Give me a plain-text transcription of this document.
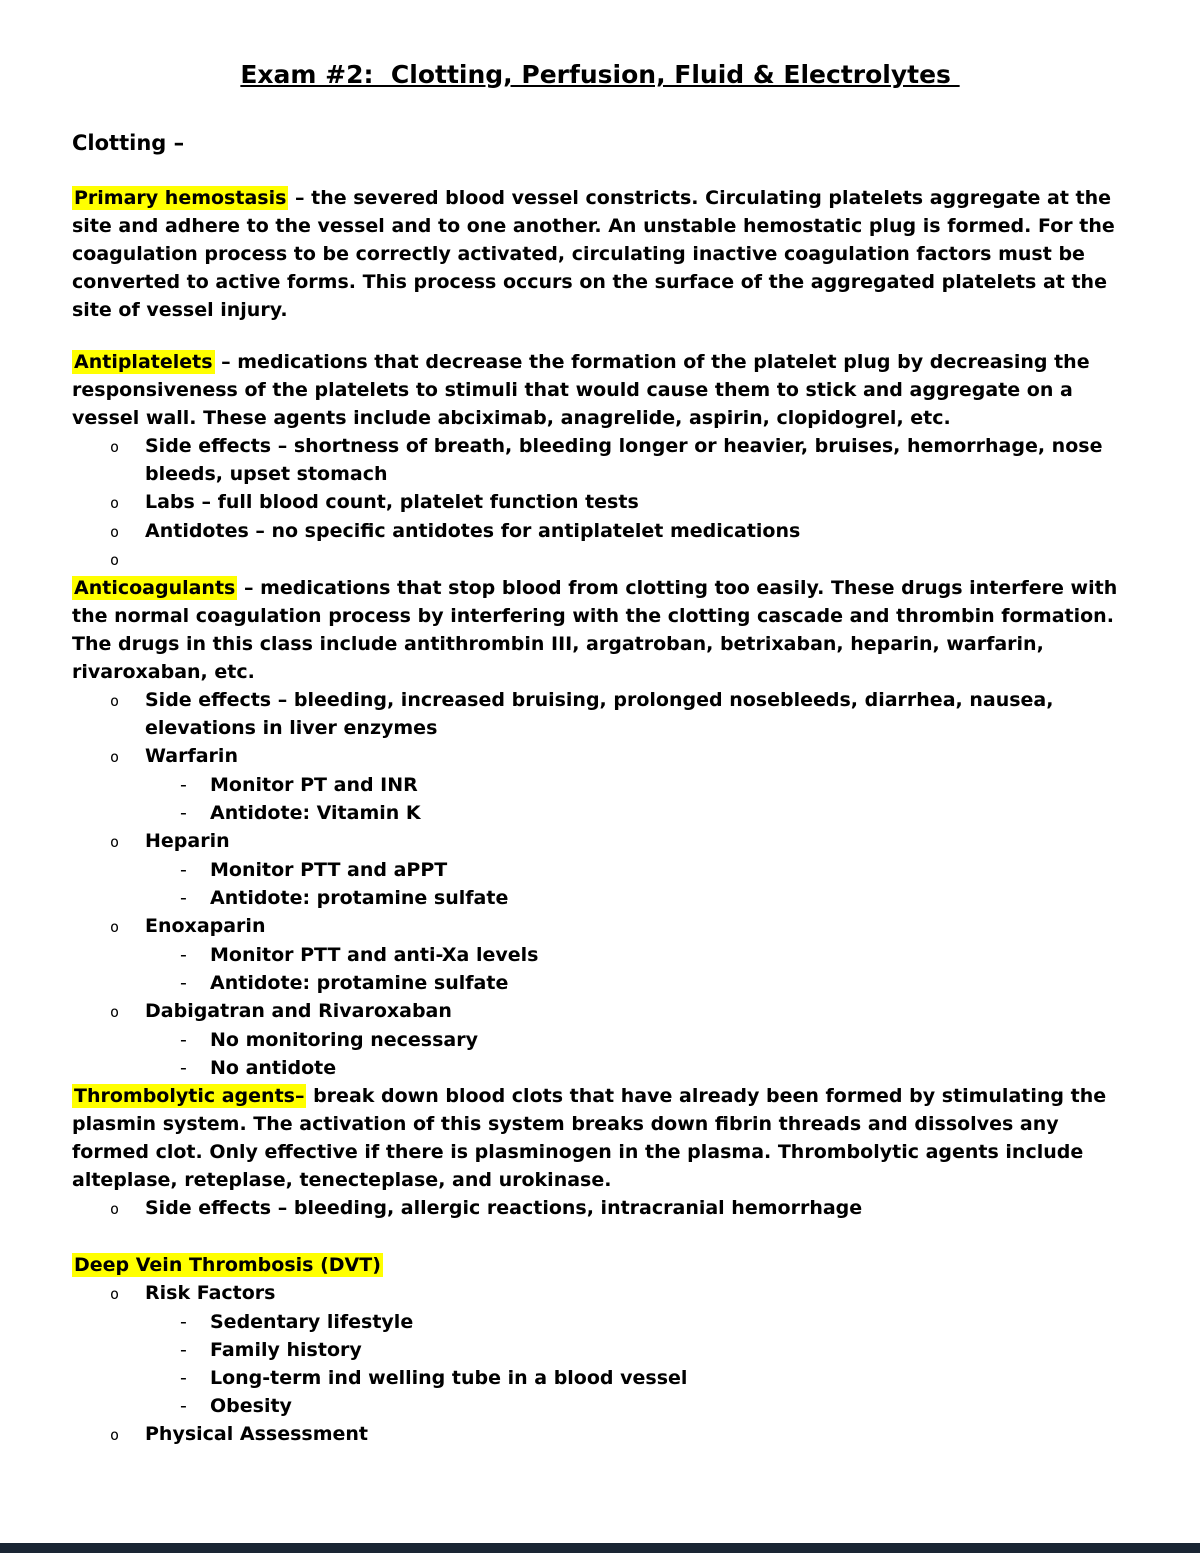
Exam #2:  Clotting, Perfusion, Fluid & Electrolytes
Clotting –

Primary hemostasis – the severed blood vessel constricts. Circulating platelets aggregate at the site and adhere to the vessel and to one another. An unstable hemostatic plug is formed. For the coagulation process to be correctly activated, circulating inactive coagulation factors must be converted to active forms. This process occurs on the surface of the aggregated platelets at the site of vessel injury.

Antiplatelets – medications that decrease the formation of the platelet plug by decreasing the responsiveness of the platelets to stimuli that would cause them to stick and aggregate on a vessel wall. These agents include abciximab, anagrelide, aspirin, clopidogrel, etc.

o	Side effects – shortness of breath, bleeding longer or heavier, bruises, hemorrhage, nose bleeds, upset stomach
o	Labs – full blood count, platelet function tests
o	Antidotes – no specific antidotes for antiplatelet medications
o

Anticoagulants – medications that stop blood from clotting too easily. These drugs interfere with the normal coagulation process by interfering with the clotting cascade and thrombin formation. The drugs in this class include antithrombin III, argatroban, betrixaban, heparin, warfarin, rivaroxaban, etc.

o	Side effects – bleeding, increased bruising, prolonged nosebleeds, diarrhea, nausea, elevations in liver enzymes
o	Warfarin
-	Monitor PT and INR
-	Antidote: Vitamin K
o	Heparin
-	Monitor PTT and aPPT
-	Antidote: protamine sulfate
o	Enoxaparin
-	Monitor PTT and anti-Xa levels
-	Antidote: protamine sulfate
o	Dabigatran and Rivaroxaban
-	No monitoring necessary
-	No antidote

Thrombolytic agents– break down blood clots that have already been formed by stimulating the plasmin system. The activation of this system breaks down fibrin threads and dissolves any formed clot. Only effective if there is plasminogen in the plasma. Thrombolytic agents include alteplase, reteplase, tenecteplase, and urokinase.

o	Side effects – bleeding, allergic reactions, intracranial hemorrhage

Deep Vein Thrombosis (DVT)

o	Risk Factors
-	Sedentary lifestyle
-	Family history
-	Long-term ind welling tube in a blood vessel
-	Obesity
o	Physical Assessment
